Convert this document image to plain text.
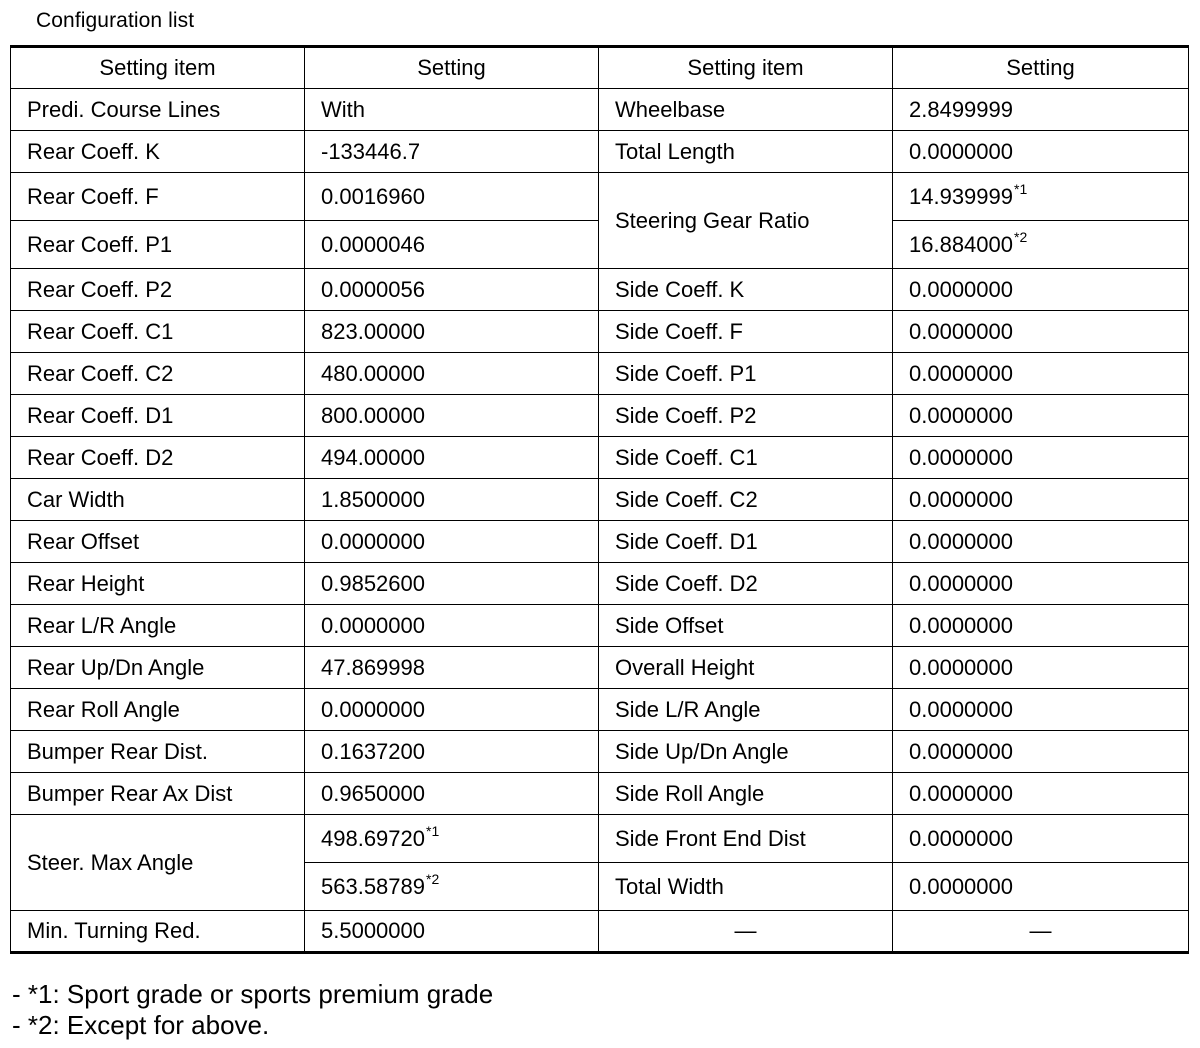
Configuration list
Setting item	Setting	Setting item	Setting
Predi. Course Lines	With	Wheelbase	2.8499999
Rear Coeff. K	-133446.7	Total Length	0.0000000
Rear Coeff. F	0.0016960	Steering Gear Ratio	14.939999$^{*1}$
Rear Coeff. P1	0.0000046		16.884000$^{*2}$
Rear Coeff. P2	0.0000056	Side Coeff. K	0.0000000
Rear Coeff. C1	823.00000	Side Coeff. F	0.0000000
Rear Coeff. C2	480.00000	Side Coeff. P1	0.0000000
Rear Coeff. D1	800.00000	Side Coeff. P2	0.0000000
Rear Coeff. D2	494.00000	Side Coeff. C1	0.0000000
Car Width	1.8500000	Side Coeff. C2	0.0000000
Rear Offset	0.0000000	Side Coeff. D1	0.0000000
Rear Height	0.9852600	Side Coeff. D2	0.0000000
Rear L/R Angle	0.0000000	Side Offset	0.0000000
Rear Up/Dn Angle	47.869998	Overall Height	0.0000000
Rear Roll Angle	0.0000000	Side L/R Angle	0.0000000
Bumper Rear Dist.	0.1637200	Side Up/Dn Angle	0.0000000
Bumper Rear Ax Dist	0.9650000	Side Roll Angle	0.0000000
Steer. Max Angle	498.69720$^{*1}$	Side Front End Dist	0.0000000
	563.58789$^{*2}$	Total Width	0.0000000
Min. Turning Red.	5.5000000	—	—
- *1: Sport grade or sports premium grade
- *2: Except for above.
